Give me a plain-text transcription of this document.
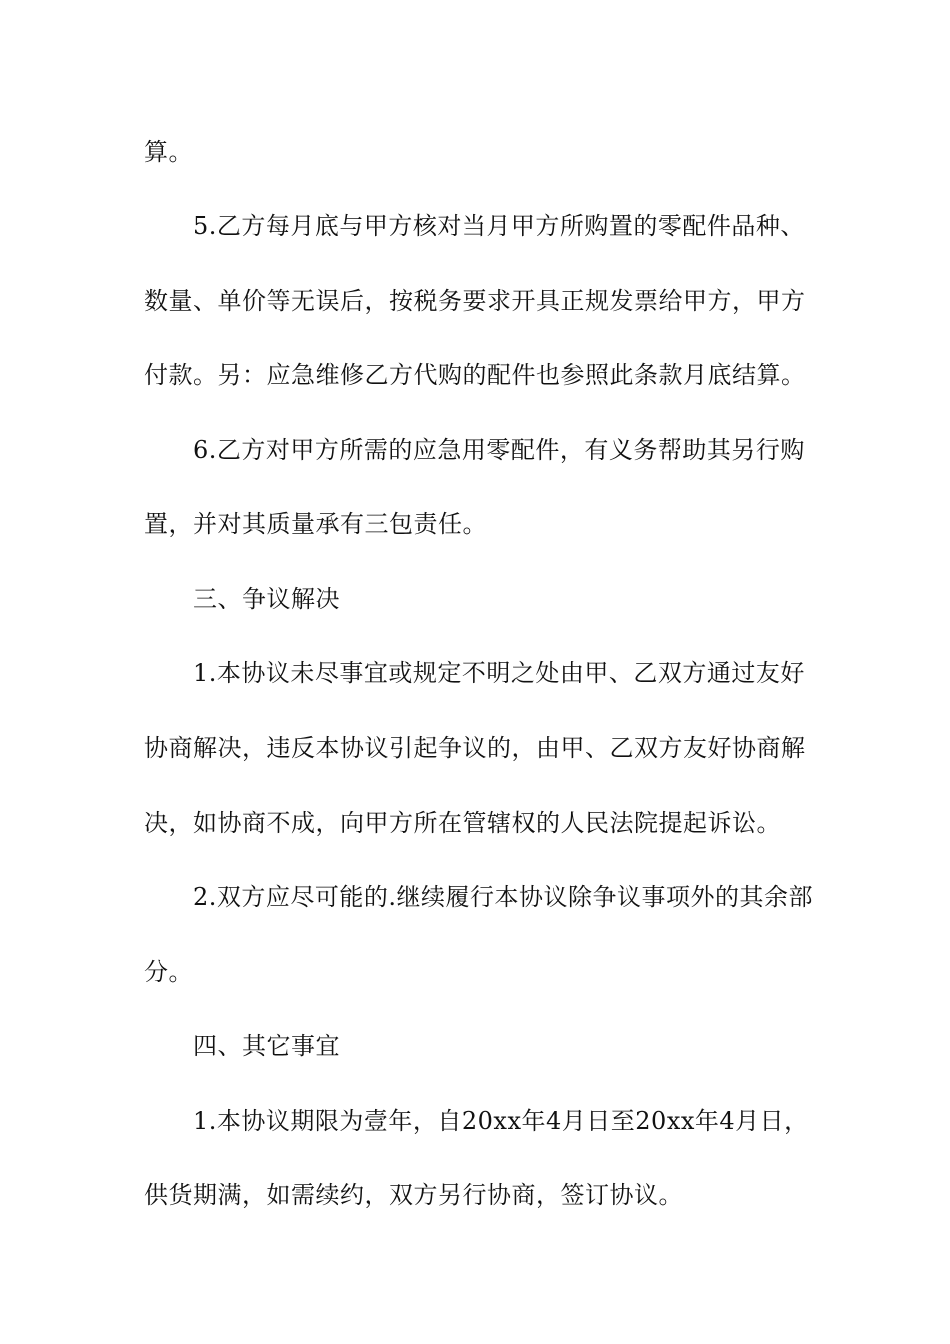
算。
5.乙方每月底与甲方核对当月甲方所购置的零配件品种、
数量、单价等无误后，按税务要求开具正规发票给甲方，甲方
付款。另：应急维修乙方代购的配件也参照此条款月底结算。
6.乙方对甲方所需的应急用零配件，有义务帮助其另行购
置，并对其质量承有三包责任。
三、争议解决
1.本协议未尽事宜或规定不明之处由甲、乙双方通过友好
协商解决，违反本协议引起争议的，由甲、乙双方友好协商解
决，如协商不成，向甲方所在管辖权的人民法院提起诉讼。
2.双方应尽可能的.继续履行本协议除争议事项外的其余部
分。
四、其它事宜
1.本协议期限为壹年，自20xx年4月日至20xx年4月日，
供货期满，如需续约，双方另行协商，签订协议。
